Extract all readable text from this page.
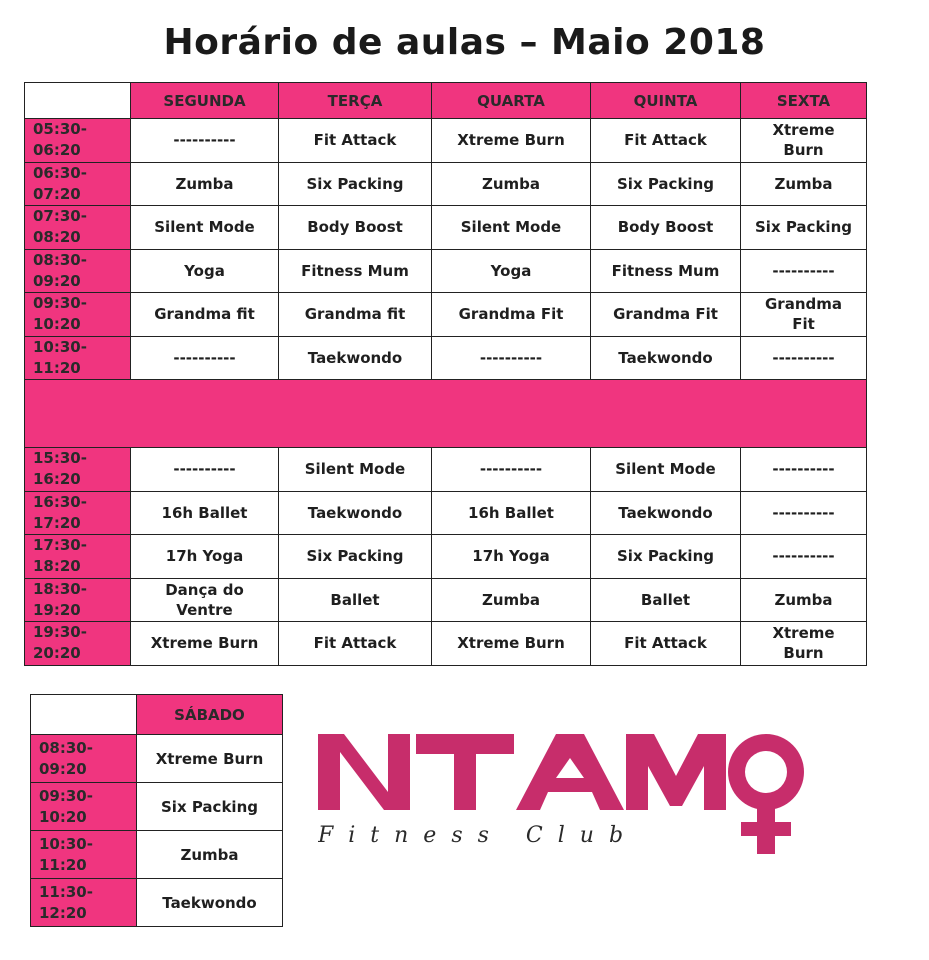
Horário de aulas – Maio 2018
	SEGUNDA	TERÇA	QUARTA	QUINTA	SEXTA
05:30-
06:20	----------	Fit Attack	Xtreme Burn	Fit Attack	Xtreme
Burn
06:30-
07:20	Zumba	Six Packing	Zumba	Six Packing	Zumba
07:30-
08:20	Silent Mode	Body Boost	Silent Mode	Body Boost	Six Packing
08:30-
09:20	Yoga	Fitness Mum	Yoga	Fitness Mum	----------
09:30-
10:20	Grandma fit	Grandma fit	Grandma Fit	Grandma Fit	Grandma
Fit
10:30-
11:20	----------	Taekwondo	----------	Taekwondo	----------

15:30-
16:20	----------	Silent Mode	----------	Silent Mode	----------
16:30-
17:20	16h Ballet	Taekwondo	16h Ballet	Taekwondo	----------
17:30-
18:20	17h Yoga	Six Packing	17h Yoga	Six Packing	----------
18:30-
19:20	Dança do
Ventre	Ballet	Zumba	Ballet	Zumba
19:30-
20:20	Xtreme Burn	Fit Attack	Xtreme Burn	Fit Attack	Xtreme
Burn
	SÁBADO
08:30-
09:20	Xtreme Burn
09:30-
10:20	Six Packing
10:30-
11:20	Zumba
11:30-
12:20	Taekwondo
Fitness Club
